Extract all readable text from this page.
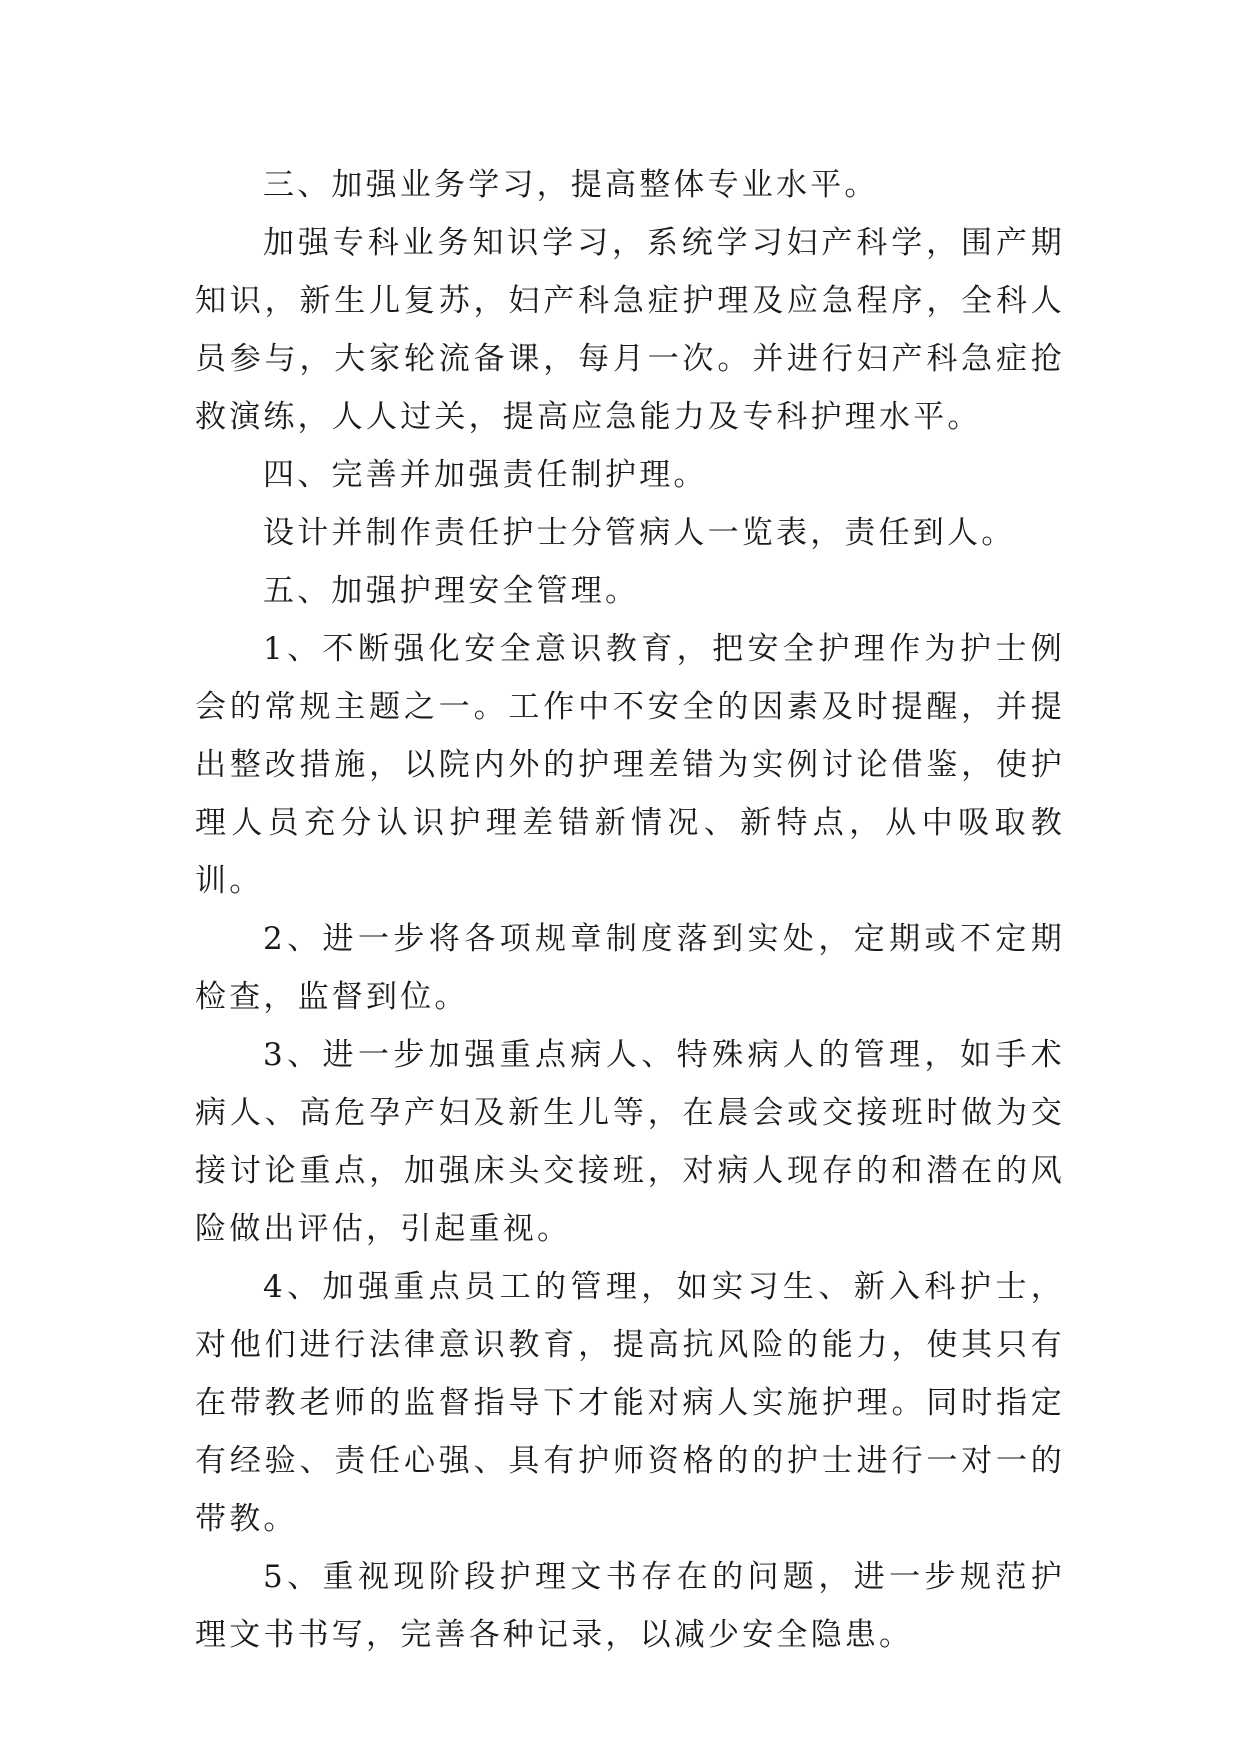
三、加强业务学习，提高整体专业水平。

加强专科业务知识学习，系统学习妇产科学，围产期知识，新生儿复苏，妇产科急症护理及应急程序，全科人员参与，大家轮流备课，每月一次。并进行妇产科急症抢救演练，人人过关，提高应急能力及专科护理水平。

四、完善并加强责任制护理。

设计并制作责任护士分管病人一览表，责任到人。

五、加强护理安全管理。

1、不断强化安全意识教育，把安全护理作为护士例会的常规主题之一。工作中不安全的因素及时提醒，并提出整改措施，以院内外的护理差错为实例讨论借鉴，使护理人员充分认识护理差错新情况、新特点，从中吸取教训。

2、进一步将各项规章制度落到实处，定期或不定期检查，监督到位。

3、进一步加强重点病人、特殊病人的管理，如手术病人、高危孕产妇及新生儿等，在晨会或交接班时做为交接讨论重点，加强床头交接班，对病人现存的和潜在的风险做出评估，引起重视。

4、加强重点员工的管理，如实习生、新入科护士，对他们进行法律意识教育，提高抗风险的能力，使其只有在带教老师的监督指导下才能对病人实施护理。同时指定有经验、责任心强、具有护师资格的的护士进行一对一的带教。

5、重视现阶段护理文书存在的问题，进一步规范护理文书书写，完善各种记录，以减少安全隐患。
